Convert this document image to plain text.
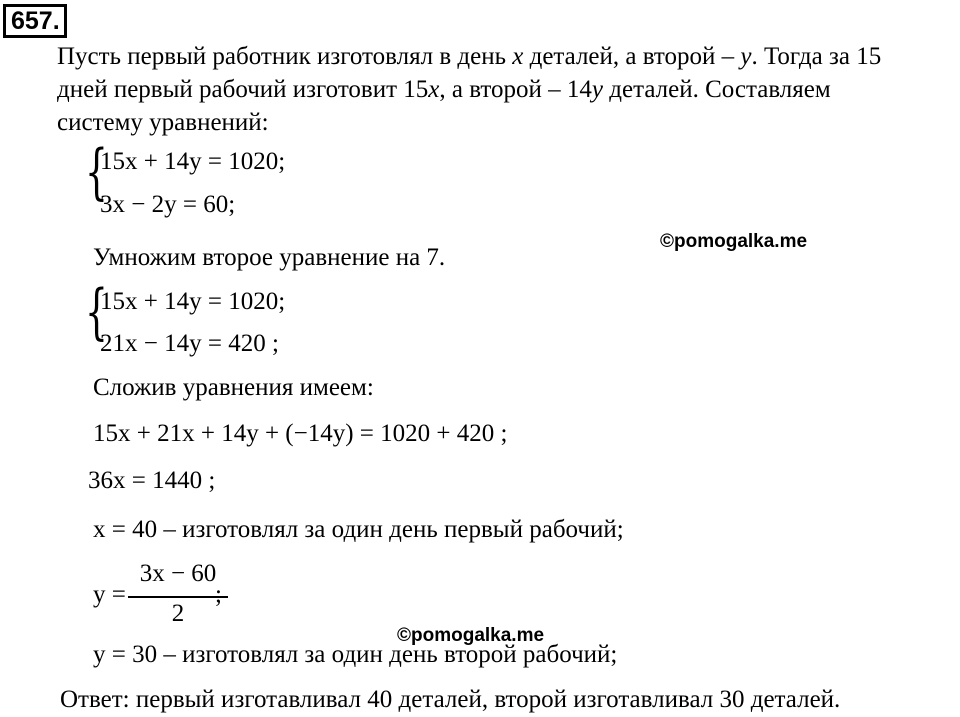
657.
Пусть первый работник изготовлял в день x деталей, а второй – y. Тогда за 15
дней первый рабочий изготовит 15x, а второй – 14y деталей. Составляем
систему уравнений:
{
15x + 14y = 1020;
3x − 2y = 60;
©pomogalka.me
Умножим второе уравнение на 7.
{
15x + 14y = 1020;
21x − 14y = 420 ;
Сложив уравнения имеем:
15x + 21x + 14y + (−14y) = 1020 + 420 ;
36x = 1440 ;
x = 40 – изготовлял за один день первый рабочий;
y =
3x − 60
2
;
©pomogalka.me
y = 30 – изготовлял за один день второй рабочий;
Ответ: первый изготавливал 40 деталей, второй изготавливал 30 деталей.
